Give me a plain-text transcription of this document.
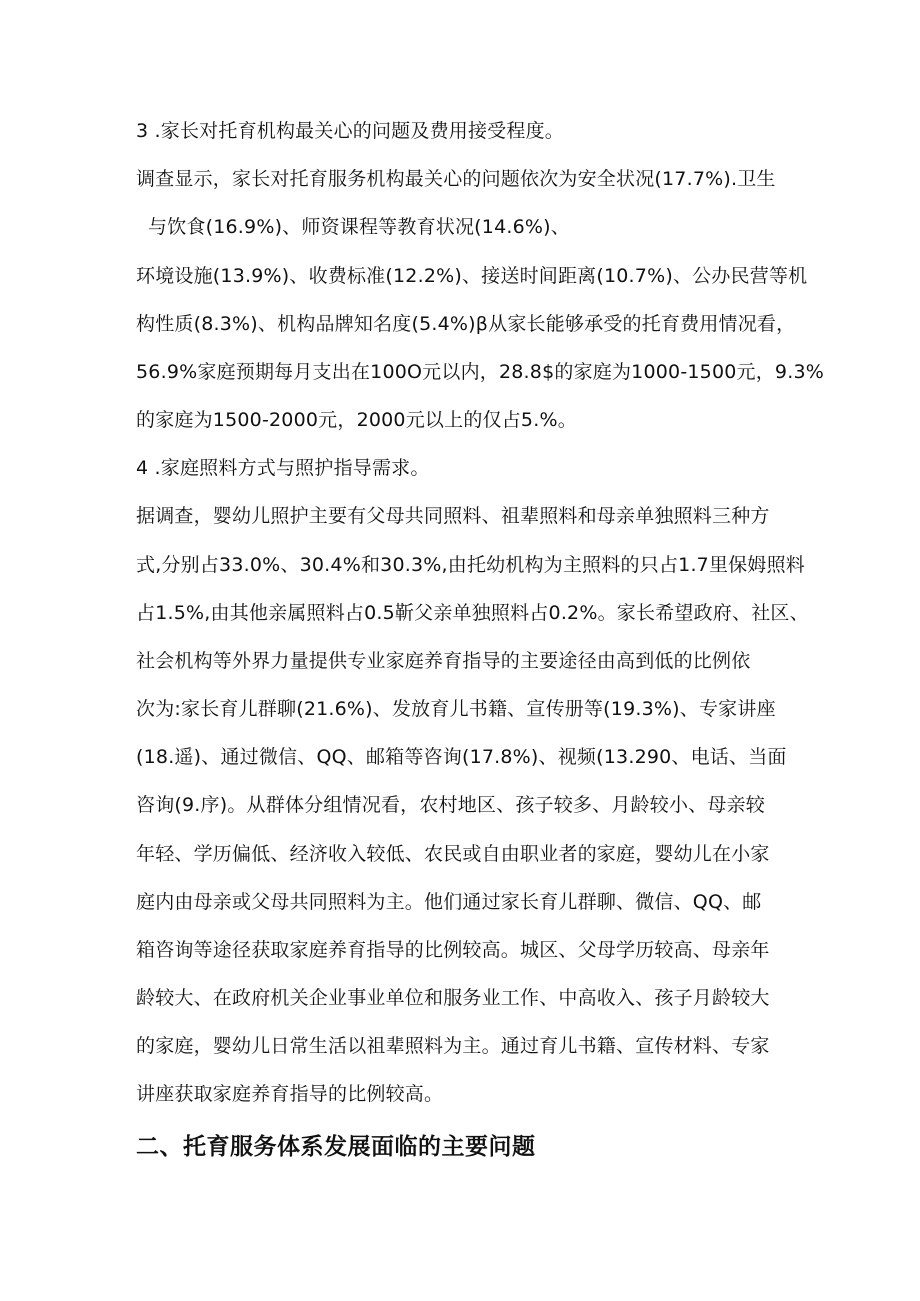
3 .家长对托育机构最关心的问题及费用接受程度。
调查显示，家长对托育服务机构最关心的问题依次为安全状况(17.7%).卫生
与饮食(16.9%)、师资课程等教育状况(14.6%)、
环境设施(13.9%)、收费标准(12.2%)、接送时间距离(10.7%)、公办民营等机
构性质(8.3%)、机构品牌知名度(5.4%)β从家长能够承受的托育费用情况看，
56.9%家庭预期每月支出在100O元以内，28.8$的家庭为1000-1500元，9.3%
的家庭为1500-2000元，2000元以上的仅占5.%。
4 .家庭照料方式与照护指导需求。
据调查，婴幼儿照护主要有父母共同照料、祖辈照料和母亲单独照料三种方
式,分别占33.0%、30.4%和30.3%,由托幼机构为主照料的只占1.7里保姆照料
占1.5%,由其他亲属照料占0.5靳父亲单独照料占0.2%。家长希望政府、社区、
社会机构等外界力量提供专业家庭养育指导的主要途径由高到低的比例依
次为:家长育儿群聊(21.6%)、发放育儿书籍、宣传册等(19.3%)、专家讲座
(18.遥)、通过微信、QQ、邮箱等咨询(17.8%)、视频(13.290、电话、当面
咨询(9.序)。从群体分组情况看，农村地区、孩子较多、月龄较小、母亲较
年轻、学历偏低、经济收入较低、农民或自由职业者的家庭，婴幼儿在小家
庭内由母亲或父母共同照料为主。他们通过家长育儿群聊、微信、QQ、邮
箱咨询等途径获取家庭养育指导的比例较高。城区、父母学历较高、母亲年
龄较大、在政府机关企业事业单位和服务业工作、中高收入、孩子月龄较大
的家庭，婴幼儿日常生活以祖辈照料为主。通过育儿书籍、宣传材料、专家
讲座获取家庭养育指导的比例较高。
二、托育服务体系发展面临的主要问题
